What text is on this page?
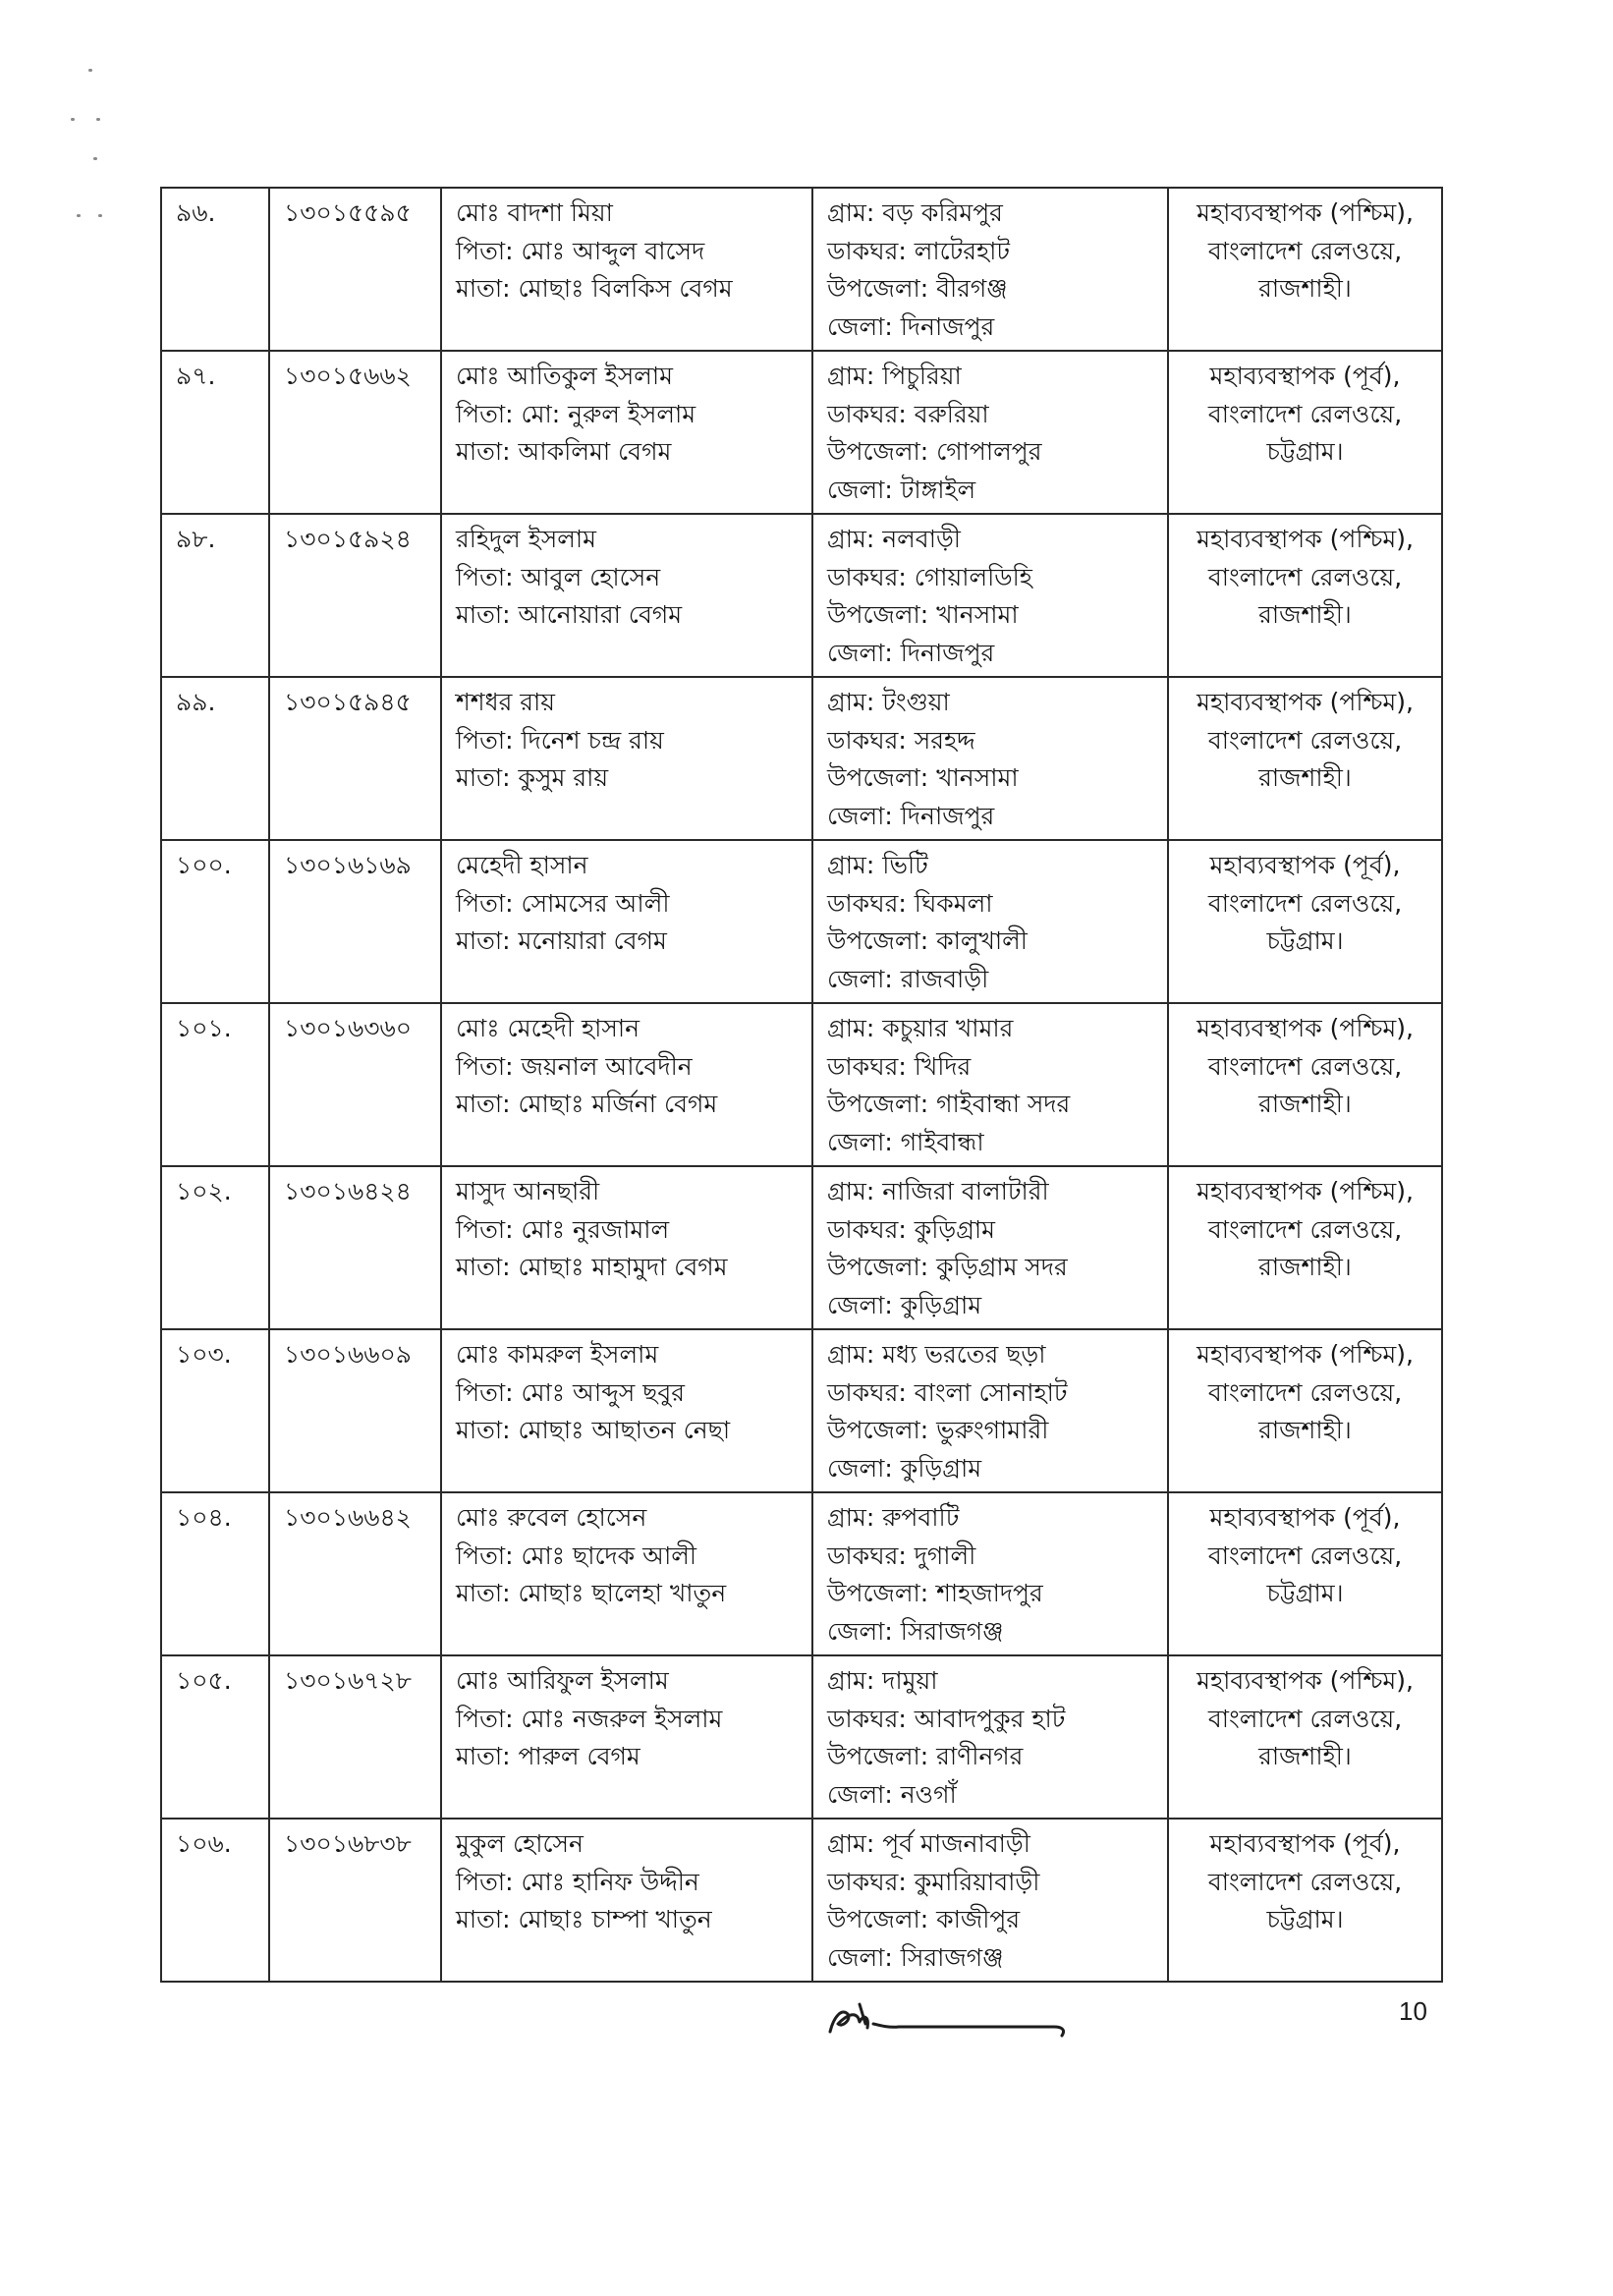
৯৬.	১৩০১৫৫৯৫	মোঃ বাদশা মিয়া
পিতা: মোঃ আব্দুল বাসেদ
মাতা: মোছাঃ বিলকিস বেগম	গ্রাম: বড় করিমপুর
ডাকঘর: লাটেরহাট
উপজেলা: বীরগঞ্জ
জেলা: দিনাজপুর	মহাব্যবস্থাপক (পশ্চিম),
বাংলাদেশ রেলওয়ে,
রাজশাহী।

৯৭.	১৩০১৫৬৬২	মোঃ আতিকুল ইসলাম
পিতা: মো: নুরুল ইসলাম
মাতা: আকলিমা বেগম	গ্রাম: পিচুরিয়া
ডাকঘর: বরুরিয়া
উপজেলা: গোপালপুর
জেলা: টাঙ্গাইল	মহাব্যবস্থাপক (পূর্ব),
বাংলাদেশ রেলওয়ে,
চট্টগ্রাম।

৯৮.	১৩০১৫৯২৪	রহিদুল ইসলাম
পিতা: আবুল হোসেন
মাতা: আনোয়ারা বেগম	গ্রাম: নলবাড়ী
ডাকঘর: গোয়ালডিহি
উপজেলা: খানসামা
জেলা: দিনাজপুর	মহাব্যবস্থাপক (পশ্চিম),
বাংলাদেশ রেলওয়ে,
রাজশাহী।

৯৯.	১৩০১৫৯৪৫	শশধর রায়
পিতা: দিনেশ চন্দ্র রায়
মাতা: কুসুম রায়	গ্রাম: টংগুয়া
ডাকঘর: সরহদ্দ
উপজেলা: খানসামা
জেলা: দিনাজপুর	মহাব্যবস্থাপক (পশ্চিম),
বাংলাদেশ রেলওয়ে,
রাজশাহী।

১০০.	১৩০১৬১৬৯	মেহেদী হাসান
পিতা: সোমসের আলী
মাতা: মনোয়ারা বেগম	গ্রাম: ভিটি
ডাকঘর: ঘিকমলা
উপজেলা: কালুখালী
জেলা: রাজবাড়ী	মহাব্যবস্থাপক (পূর্ব),
বাংলাদেশ রেলওয়ে,
চট্টগ্রাম।

১০১.	১৩০১৬৩৬০	মোঃ মেহেদী হাসান
পিতা: জয়নাল আবেদীন
মাতা: মোছাঃ মর্জিনা বেগম	গ্রাম: কচুয়ার খামার
ডাকঘর: খিদির
উপজেলা: গাইবান্ধা সদর
জেলা: গাইবান্ধা	মহাব্যবস্থাপক (পশ্চিম),
বাংলাদেশ রেলওয়ে,
রাজশাহী।

১০২.	১৩০১৬৪২৪	মাসুদ আনছারী
পিতা: মোঃ নুরজামাল
মাতা: মোছাঃ মাহামুদা বেগম	গ্রাম: নাজিরা বালাটারী
ডাকঘর: কুড়িগ্রাম
উপজেলা: কুড়িগ্রাম সদর
জেলা: কুড়িগ্রাম	মহাব্যবস্থাপক (পশ্চিম),
বাংলাদেশ রেলওয়ে,
রাজশাহী।

১০৩.	১৩০১৬৬০৯	মোঃ কামরুল ইসলাম
পিতা: মোঃ আব্দুস ছবুর
মাতা: মোছাঃ আছাতন নেছা	গ্রাম: মধ্য ভরতের ছড়া
ডাকঘর: বাংলা সোনাহাট
উপজেলা: ভুরুংগামারী
জেলা: কুড়িগ্রাম	মহাব্যবস্থাপক (পশ্চিম),
বাংলাদেশ রেলওয়ে,
রাজশাহী।

১০৪.	১৩০১৬৬৪২	মোঃ রুবেল হোসেন
পিতা: মোঃ ছাদেক আলী
মাতা: মোছাঃ ছালেহা খাতুন	গ্রাম: রুপবাটি
ডাকঘর: দুগালী
উপজেলা: শাহজাদপুর
জেলা: সিরাজগঞ্জ	মহাব্যবস্থাপক (পূর্ব),
বাংলাদেশ রেলওয়ে,
চট্টগ্রাম।

১০৫.	১৩০১৬৭২৮	মোঃ আরিফুল ইসলাম
পিতা: মোঃ নজরুল ইসলাম
মাতা: পারুল বেগম	গ্রাম: দামুয়া
ডাকঘর: আবাদপুকুর হাট
উপজেলা: রাণীনগর
জেলা: নওগাঁ	মহাব্যবস্থাপক (পশ্চিম),
বাংলাদেশ রেলওয়ে,
রাজশাহী।

১০৬.	১৩০১৬৮৩৮	মুকুল হোসেন
পিতা: মোঃ হানিফ উদ্দীন
মাতা: মোছাঃ চাম্পা খাতুন	গ্রাম: পূর্ব মাজনাবাড়ী
ডাকঘর: কুমারিয়াবাড়ী
উপজেলা: কাজীপুর
জেলা: সিরাজগঞ্জ	মহাব্যবস্থাপক (পূর্ব),
বাংলাদেশ রেলওয়ে,
চট্টগ্রাম।
10
